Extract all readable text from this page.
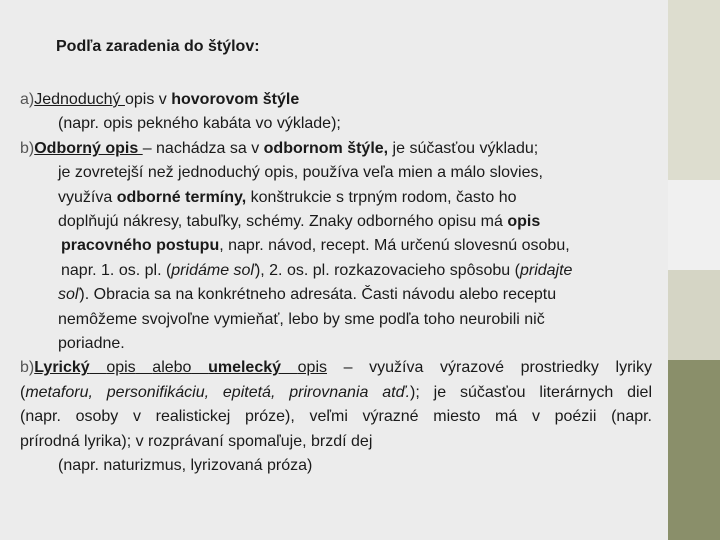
Podľa zaradenia do štýlov:
a)Jednoduchý opis v hovorovom štýle
(napr. opis pekného kabáta vo výklade);
b)Odborný opis – nachádza sa v odbornom štýle, je súčasťou výkladu;
je zovretejší než jednoduchý opis, používa veľa mien a málo slovies,
využíva odborné termíny, konštrukcie s trpným rodom, často ho
doplňujú nákresy, tabuľky, schémy. Znaky odborného opisu má opis
pracovného postupu, napr. návod, recept. Má určenú slovesnú osobu,
napr. 1. os. pl. (pridáme soľ), 2. os. pl. rozkazovacieho spôsobu (pridajte
soľ). Obracia sa na konkrétneho adresáta. Časti návodu alebo receptu
nemôžeme svojvoľne vymieňať, lebo by sme podľa toho neurobili nič
poriadne.
b)Lyrický opis alebo umelecký opis – využíva výrazové prostriedky lyriky
(metaforu, personifikáciu, epitetá, prirovnania atď.); je súčasťou literárnych diel
(napr. osoby v realistickej próze), veľmi výrazné miesto má v poézii (napr.
prírodná lyrika); v rozprávaní spomaľuje, brzdí dej
(napr. naturizmus, lyrizovaná próza)
